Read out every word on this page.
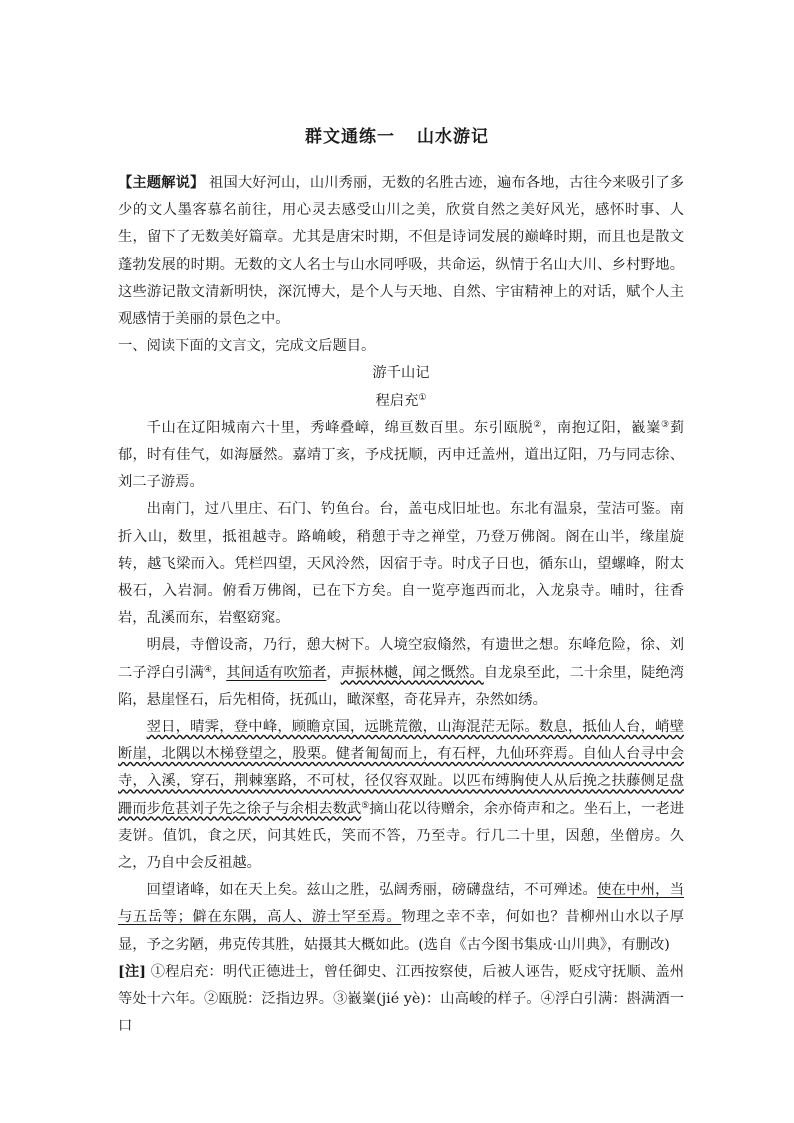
群文通练一 山水游记

【主题解说】 祖国大好河山，山川秀丽，无数的名胜古迹，遍布各地，古往今来吸引了多少的文人墨客慕名前往，用心灵去感受山川之美，欣赏自然之美好风光，感怀时事、人生，留下了无数美好篇章。尤其是唐宋时期，不但是诗词发展的巅峰时期，而且也是散文蓬勃发展的时期。无数的文人名士与山水同呼吸，共命运，纵情于名山大川、乡村野地。这些游记散文清新明快，深沉博大，是个人与天地、自然、宇宙精神上的对话，赋个人主观感情于美丽的景色之中。

一、阅读下面的文言文，完成文后题目。

游千山记

程启充①

千山在辽阳城南六十里，秀峰叠嶂，绵亘数百里。东引瓯脱②，南抱辽阳，巀嶪③菿郁，时有佳气，如海蜃然。嘉靖丁亥，予戍抚顺，丙申迁盖州，道出辽阳，乃与同志徐、刘二子游焉。

出南门，过八里庄、石门、钓鱼台。台，盖屯戍旧址也。东北有温泉，莹洁可鉴。南折入山，数里，抵祖越寺。路崅峻，稍憩于寺之禅堂，乃登万佛阁。阁在山半，缘崖旋转，越飞梁而入。凭栏四望，天风泠然，因宿于寺。时戊子日也，循东山，望螺峰，附太极石，入岩洞。俯看万佛阁，已在下方矣。自一览亭迤西而北，入龙泉寺。晡时，往香岩，乱溪而东，岩壑窈窕。

明晨，寺僧设斋，乃行，憩大树下。人境空寂翛然，有遗世之想。东峰危险，徐、刘二子浮白引满④，其间适有吹笳者，声振林樾，闻之慨然。自龙泉至此，二十余里，陡绝湾陷，悬崖怪石，后先相倚，抚孤山，瞰深壑，奇花异卉，杂然如绣。

翌日，晴霁，登中峰，顾瞻京国，远眺荒徼，山海混茫无际。数息，抵仙人台，峭壁断崖，北隅以木梯登望之，股栗。健者匍匐而上，有石枰，九仙环弈焉。自仙人台寻中会寺，入溪，穿石，荆棘塞路，不可杖，径仅容双趾。以匹布缚胸使人从后挽之扶藤侧足盘跚而步危甚刘子先之徐子与余相去数武⑤摘山花以待赠余，余亦倚声和之。坐石上，一老进麦饼。值饥，食之厌，问其姓氏，笑而不答，乃至寺。行几二十里，因憩，坐僧房。久之，乃自中会反祖越。

回望诸峰，如在天上矣。兹山之胜，弘阔秀丽，磅礴盘结，不可殚述。使在中州，当与五岳等；僻在东隅，高人、游士罕至焉。物理之幸不幸，何如也？昔柳州山水以子厚显，予之劣陋，弗克传其胜，姑摄其大概如此。(选自《古今图书集成·山川典》，有删改)

[注] ①程启充：明代正德进士，曾任御史、江西按察使，后被人诬告，贬戍守抚顺、盖州等处十六年。②瓯脱：泛指边界。③巀嶪(jié yè)：山高峻的样子。④浮白引满：斟满酒一口
